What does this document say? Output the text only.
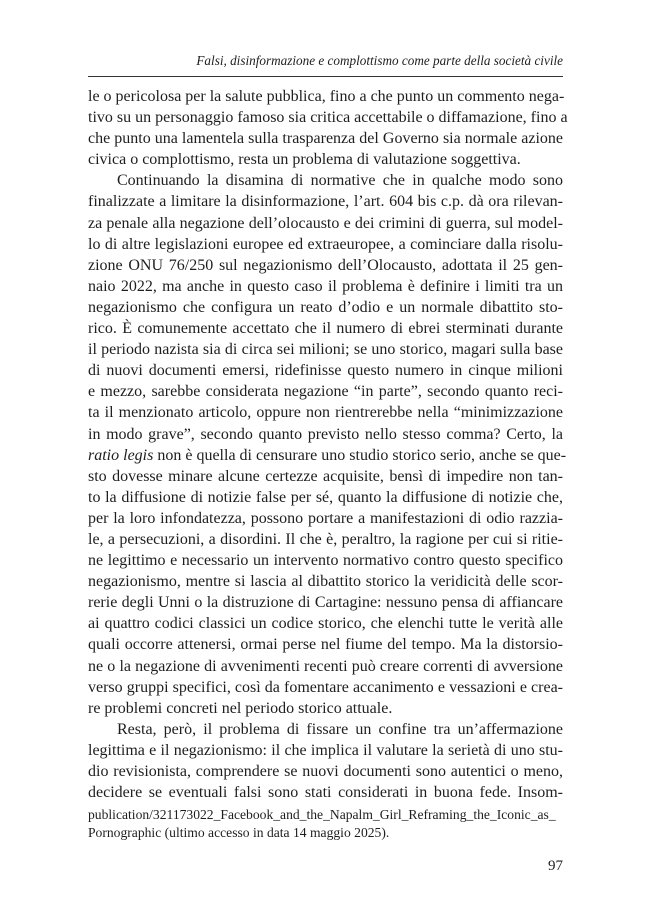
Falsi, disinformazione e complottismo come parte della società civile
le o pericolosa per la salute pubblica, fino a che punto un commento nega-
tivo su un personaggio famoso sia critica accettabile o diffamazione, fino a
che punto una lamentela sulla trasparenza del Governo sia normale azione
civica o complottismo, resta un problema di valutazione soggettiva.
Continuando la disamina di normative che in qualche modo sono
finalizzate a limitare la disinformazione, l’art. 604 bis c.p. dà ora rilevan-
za penale alla negazione dell’olocausto e dei crimini di guerra, sul model-
lo di altre legislazioni europee ed extraeuropee, a cominciare dalla risolu-
zione ONU 76/250 sul negazionismo dell’Olocausto, adottata il 25 gen-
naio 2022, ma anche in questo caso il problema è definire i limiti tra un
negazionismo che configura un reato d’odio e un normale dibattito sto-
rico. È comunemente accettato che il numero di ebrei sterminati durante
il periodo nazista sia di circa sei milioni; se uno storico, magari sulla base
di nuovi documenti emersi, ridefinisse questo numero in cinque milioni
e mezzo, sarebbe considerata negazione “in parte”, secondo quanto reci-
ta il menzionato articolo, oppure non rientrerebbe nella “minimizzazione
in modo grave”, secondo quanto previsto nello stesso comma? Certo, la
ratio legis non è quella di censurare uno studio storico serio, anche se que-
sto dovesse minare alcune certezze acquisite, bensì di impedire non tan-
to la diffusione di notizie false per sé, quanto la diffusione di notizie che,
per la loro infondatezza, possono portare a manifestazioni di odio razzia-
le, a persecuzioni, a disordini. Il che è, peraltro, la ragione per cui si ritie-
ne legittimo e necessario un intervento normativo contro questo specifico
negazionismo, mentre si lascia al dibattito storico la veridicità delle scor-
rerie degli Unni o la distruzione di Cartagine: nessuno pensa di affiancare
ai quattro codici classici un codice storico, che elenchi tutte le verità alle
quali occorre attenersi, ormai perse nel fiume del tempo. Ma la distorsio-
ne o la negazione di avvenimenti recenti può creare correnti di avversione
verso gruppi specifici, così da fomentare accanimento e vessazioni e crea-
re problemi concreti nel periodo storico attuale.
Resta, però, il problema di fissare un confine tra un’affermazione
legittima e il negazionismo: il che implica il valutare la serietà di uno stu-
dio revisionista, comprendere se nuovi documenti sono autentici o meno,
decidere se eventuali falsi sono stati considerati in buona fede. Insom-
publication/321173022_Facebook_and_the_Napalm_Girl_Reframing_the_Iconic_as_
Pornographic (ultimo accesso in data 14 maggio 2025).
97
